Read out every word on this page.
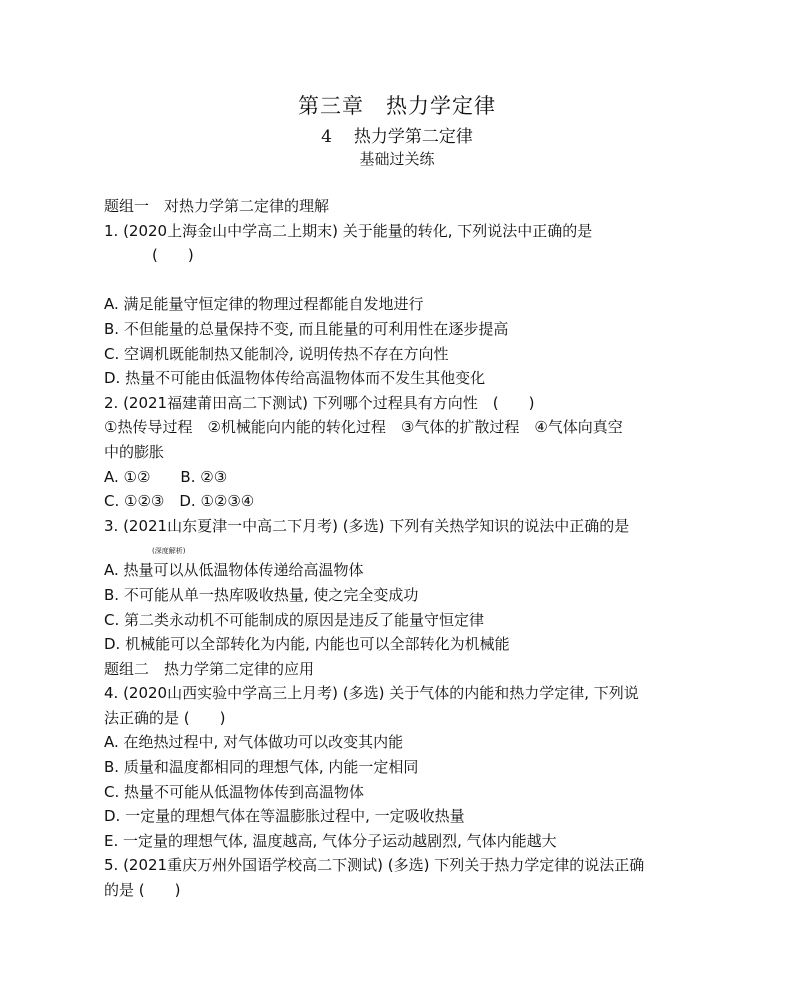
第三章　热力学定律
4 热力学第二定律
基础过关练
题组一　对热力学第二定律的理解
1. (2020上海金山中学高二上期末) 关于能量的转化, 下列说法中正确的是
(　　)
A. 满足能量守恒定律的物理过程都能自发地进行
B. 不但能量的总量保持不变, 而且能量的可利用性在逐步提高
C. 空调机既能制热又能制冷, 说明传热不存在方向性
D. 热量不可能由低温物体传给高温物体而不发生其他变化
2. (2021福建莆田高二下测试) 下列哪个过程具有方向性　(　　)
①热传导过程　②机械能向内能的转化过程　③气体的扩散过程　④气体向真空
中的膨胀
A. ①②　　B. ②③
C. ①②③　D. ①②③④
3. (2021山东夏津一中高二下月考) (多选) 下列有关热学知识的说法中正确的是
(深度解析)
A. 热量可以从低温物体传递给高温物体
B. 不可能从单一热库吸收热量, 使之完全变成功
C. 第二类永动机不可能制成的原因是违反了能量守恒定律
D. 机械能可以全部转化为内能, 内能也可以全部转化为机械能
题组二　热力学第二定律的应用
4. (2020山西实验中学高三上月考) (多选) 关于气体的内能和热力学定律, 下列说
法正确的是 (　　)
A. 在绝热过程中, 对气体做功可以改变其内能
B. 质量和温度都相同的理想气体, 内能一定相同
C. 热量不可能从低温物体传到高温物体
D. 一定量的理想气体在等温膨胀过程中, 一定吸收热量
E. 一定量的理想气体, 温度越高, 气体分子运动越剧烈, 气体内能越大
5. (2021重庆万州外国语学校高二下测试) (多选) 下列关于热力学定律的说法正确
的是 (　　)
